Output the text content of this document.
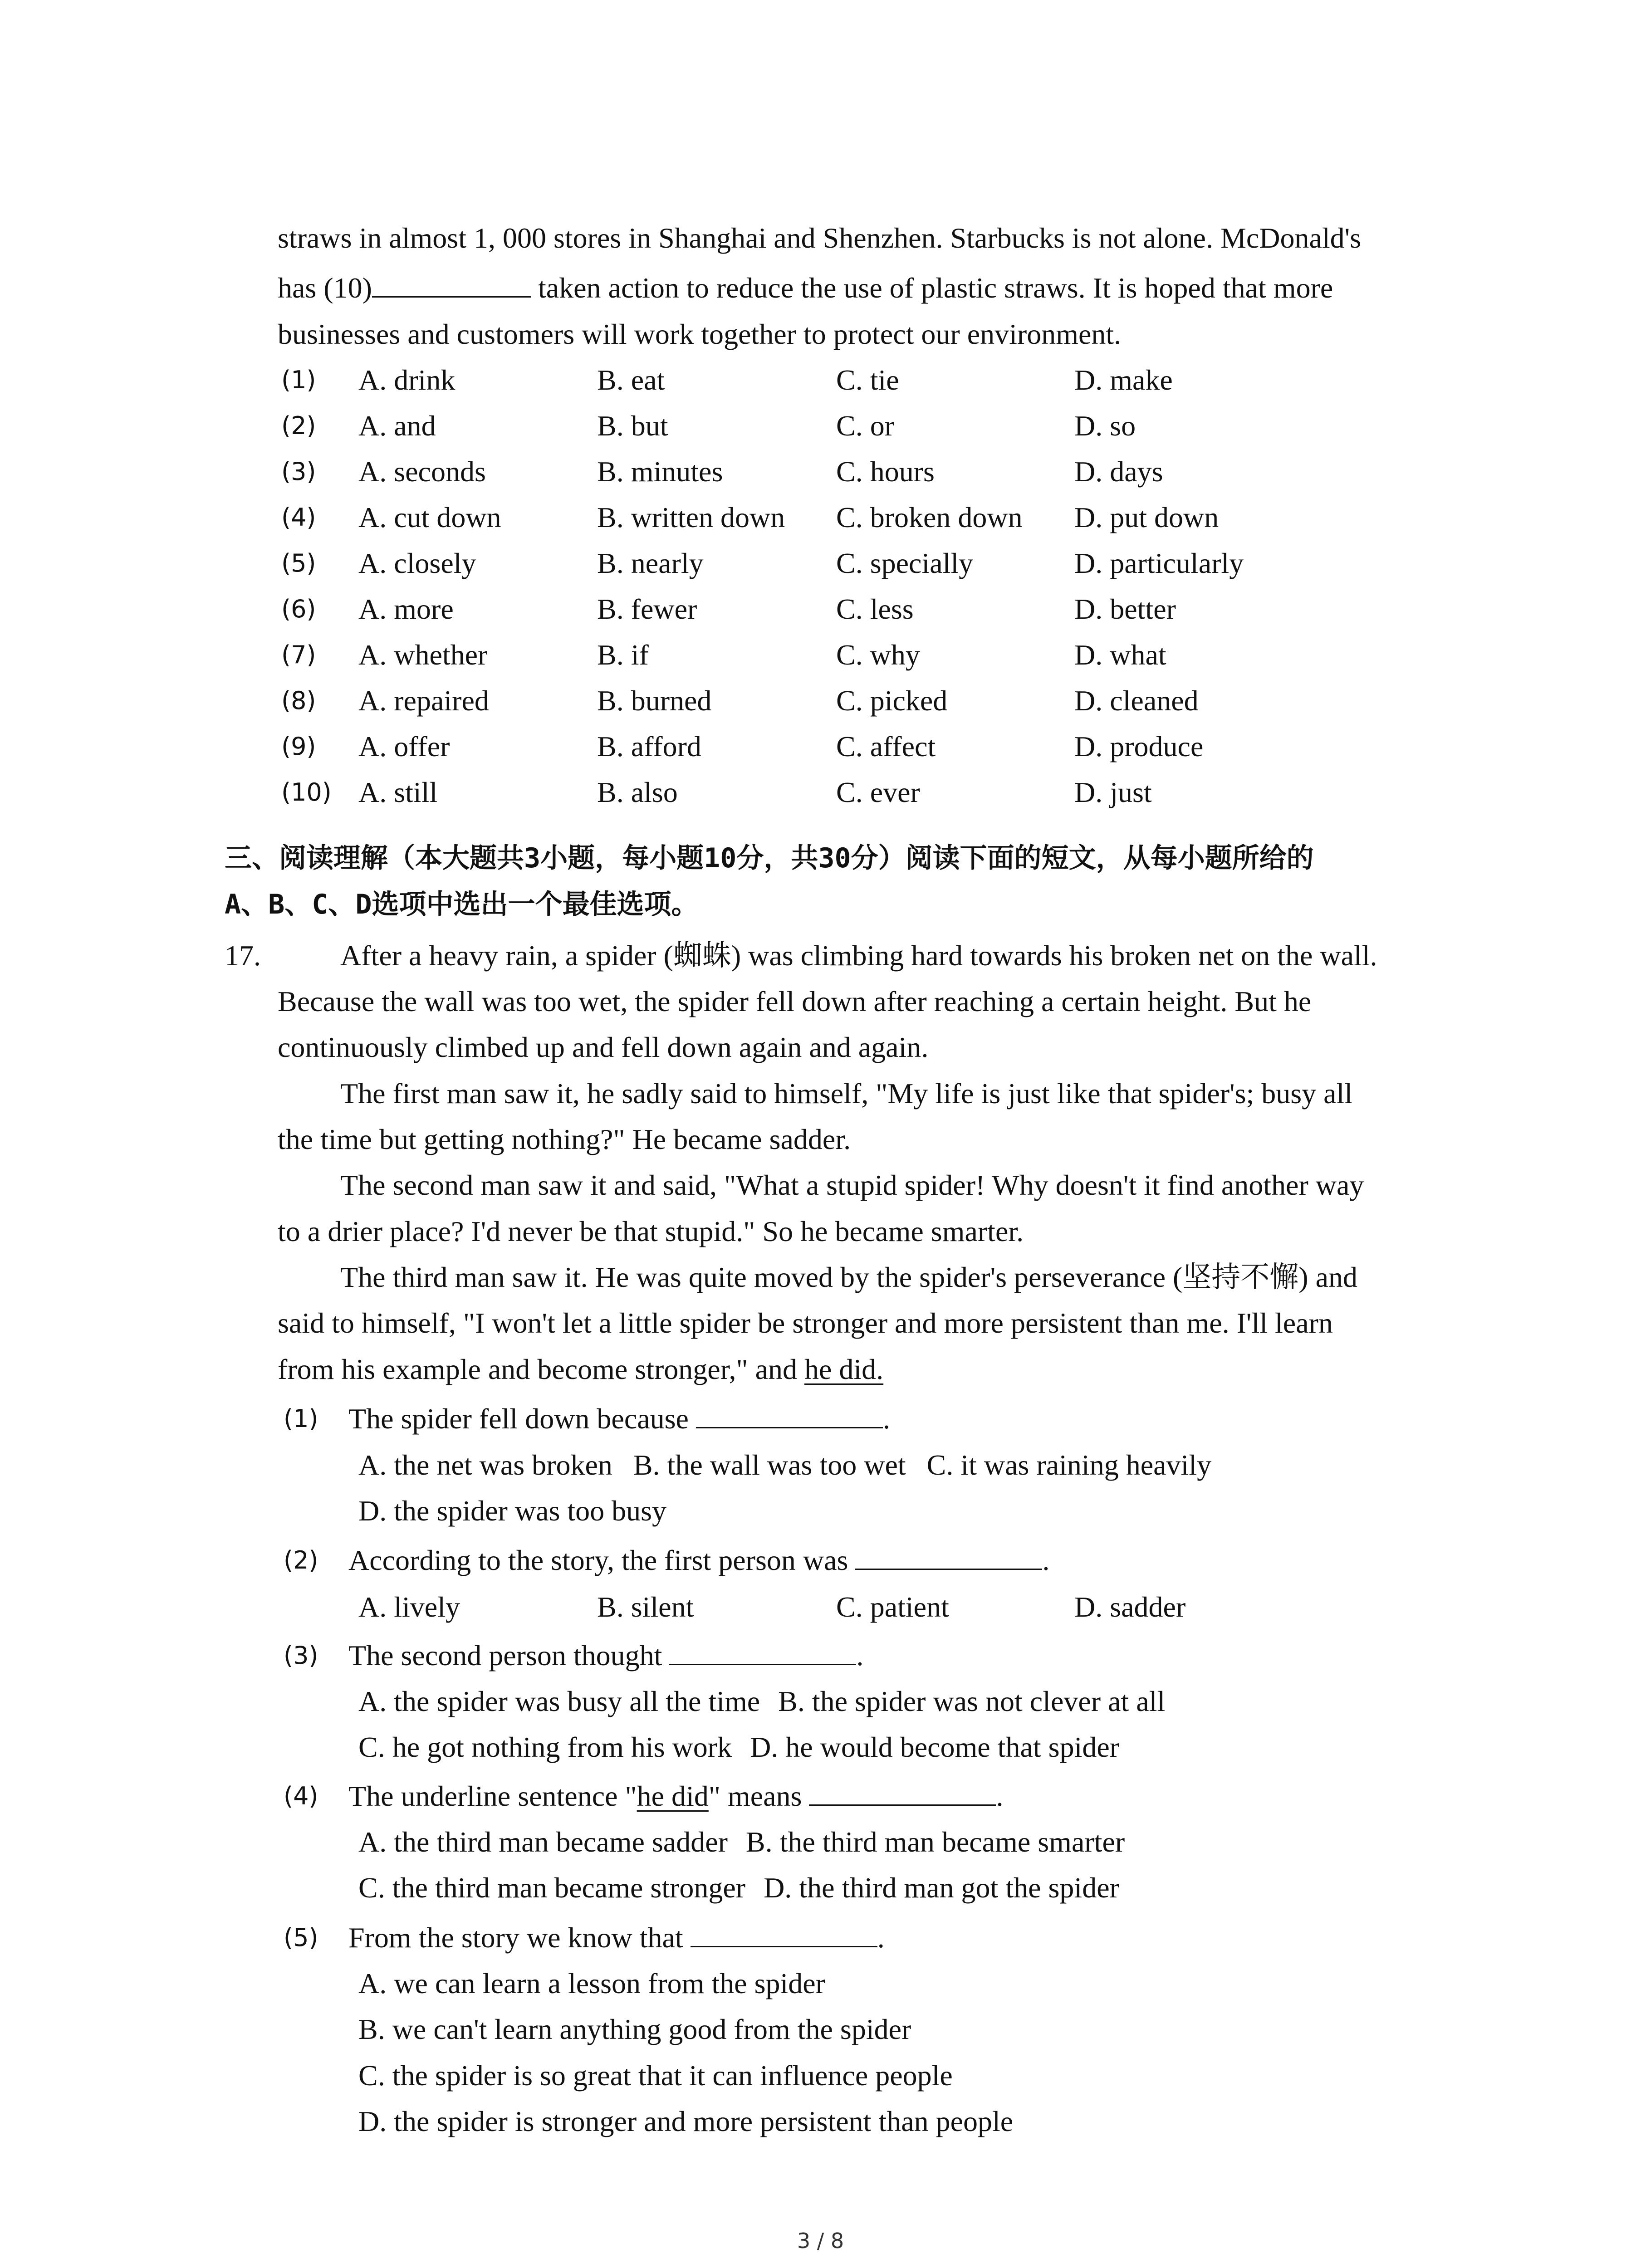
straws in almost 1, 000 stores in Shanghai and Shenzhen. Starbucks is not alone. McDonald's
has (10)	taken action to reduce the use of plastic straws. It is hoped that more
businesses and customers will work together to protect our environment.
(1) A. drink	B. eat	C. tie	D. make
(2) A. and	B. but	C. or	D. so
(3) A. seconds	B. minutes	C. hours	D. days
(4) A. cut down	B. written down C. broken down D. put down
(5) A. closely	B. nearly	C. specially	D. particularly
(6) A. more	B. fewer	C. less	D. better
(7) A. whether	B. if	C. why	D. what
(8) A. repaired	B. burned	C. picked	D. cleaned
(9) A. offer	B. afford	C. affect	D. produce
(10) A. still	B. also	C. ever	D. just
三、阅读理解（本大题共3小题，每小题10分，共30分）阅读下面的短文，从每小题所给的
A、B、C、D选项中选出一个最佳选项。
17.	After a heavy rain, a spider (蜘蛛) was climbing hard towards his broken net on the wall.
Because the wall was too wet, the spider fell down after reaching a certain height. But he
continuously climbed up and fell down again and again.
The first man saw it, he sadly said to himself, "My life is just like that spider's; busy all
the time but getting nothing?" He became sadder.
The second man saw it and said, "What a stupid spider! Why doesn't it find another way
to a drier place? I'd never be that stupid." So he became smarter.
The third man saw it. He was quite moved by the spider's perseverance (坚持不懈) and
said to himself, "I won't let a little spider be stronger and more persistent than me. I'll learn
from his example and become stronger," and he did.
(1) The spider fell down because	.
A. the net was broken B. the wall was too wet C. it was raining heavily
D. the spider was too busy
(2) According to the story, the first person was	.
A. lively	B. silent	C. patient	D. sadder
(3) The second person thought	.
A. the spider was busy all the time B. the spider was not clever at all
C. he got nothing from his work D. he would become that spider
(4) The underline sentence "he did" means	.
A. the third man became sadder B. the third man became smarter
C. the third man became stronger D. the third man got the spider
(5) From the story we know that	.
A. we can learn a lesson from the spider
B. we can't learn anything good from the spider
C. the spider is so great that it can influence people
D. the spider is stronger and more persistent than people
3 / 8
